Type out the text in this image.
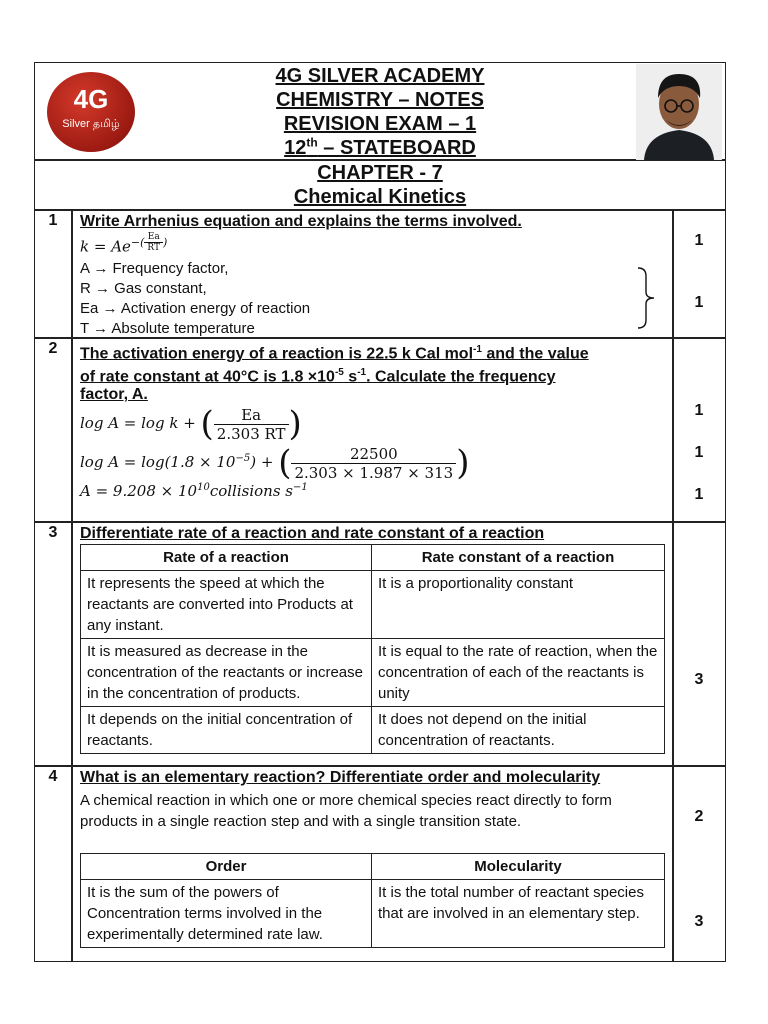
4G
Silver தமிழ்
4G SILVER ACADEMY
CHEMISTRY – NOTES
REVISION EXAM – 1
12th – STATEBOARD
CHAPTER - 7
Chemical Kinetics
1	Write Arrhenius equation and explains the terms involved.
$k = Ae^{-( \frac{Ea}{RT} )}$
A → Frequency factor,
R → Gas constant,
Ea → Activation energy of reaction
T → Absolute temperature
1
1
2	The activation energy of a reaction is 22.5 k Cal mol$^{-1}$ and the value
of rate constant at 40°C is $1.8 \times 10^{-5}$ $s^{-1}$. Calculate the frequency
factor, A.
log A = log k + ( $\frac{Ea}{2.303 RT}$ )
$\log A = \log(1.8 \times 10^{-5})$ + ( $\frac{22500}{2.303 \times 1.987 \times 313}$ )
$A = 9.208 \times 10^{10}collisions$ $s^{-1}$
1
1
1
3	Differentiate rate of a reaction and rate constant of a reaction
Rate of a reaction	Rate constant of a reaction
It represents the speed at which the reactants are converted into Products at any instant.	It is a proportionality constant
It is measured as decrease in the concentration of the reactants or increase in the concentration of products.	It is equal to the rate of reaction, when the concentration of each of the reactants is unity
It depends on the initial concentration of reactants.	It does not depend on the initial concentration of reactants.
3
4	What is an elementary reaction? Differentiate order and molecularity
A chemical reaction in which one or more chemical species react directly to form products in a single reaction step and with a single transition state.
Order	Molecularity
It is the sum of the powers of Concentration terms involved in the experimentally determined rate law.	It is the total number of reactant species that are involved in an elementary step.
2
3
